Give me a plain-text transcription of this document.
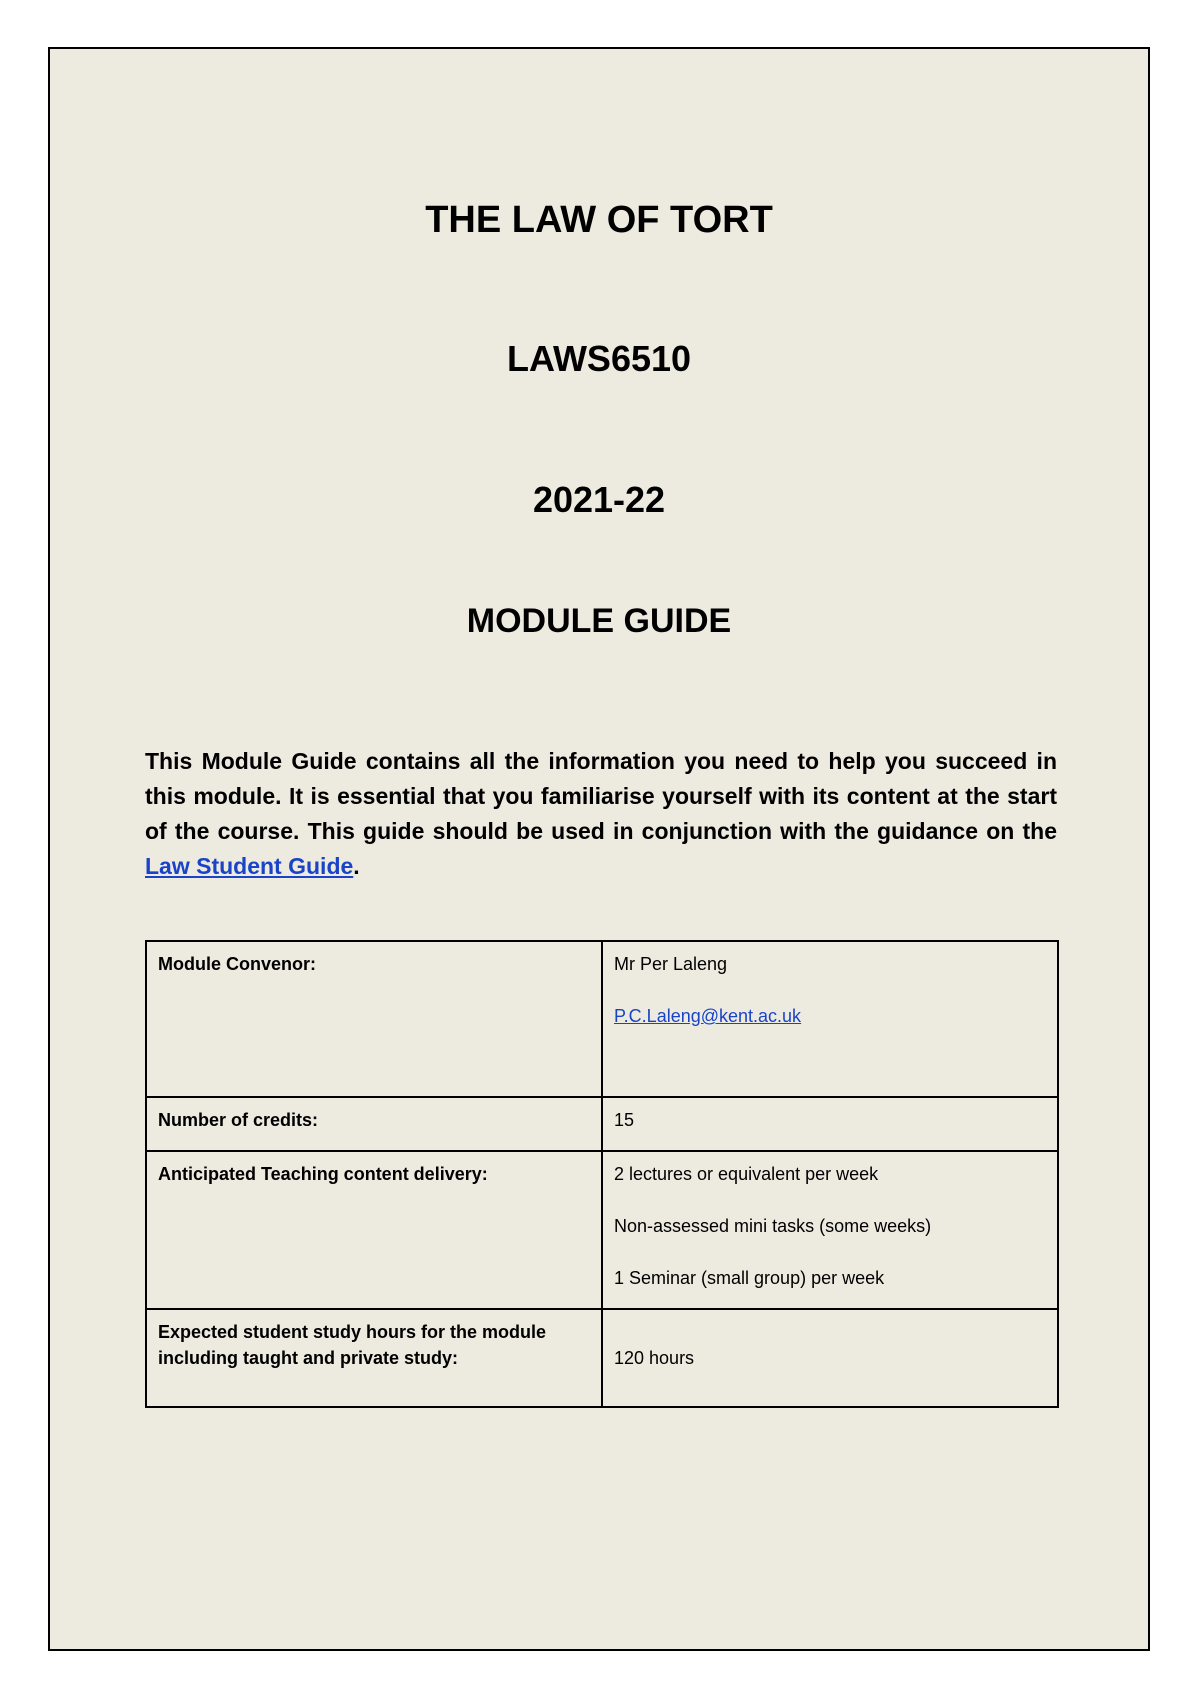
THE LAW OF TORT
LAWS6510
2021-22
MODULE GUIDE

This Module Guide contains all the information you need to help you succeed in this module. It is essential that you familiarise yourself with its content at the start of the course. This guide should be used in conjunction with the guidance on the Law Student Guide.

Module Convenor:	Mr Per Laleng

P.C.Laleng@kent.ac.uk

Number of credits:	15
Anticipated Teaching content delivery:	2 lectures or equivalent per week

Non-assessed mini tasks (some weeks)

1 Seminar (small group) per week

Expected student study hours for the module including taught and private study:	120 hours
